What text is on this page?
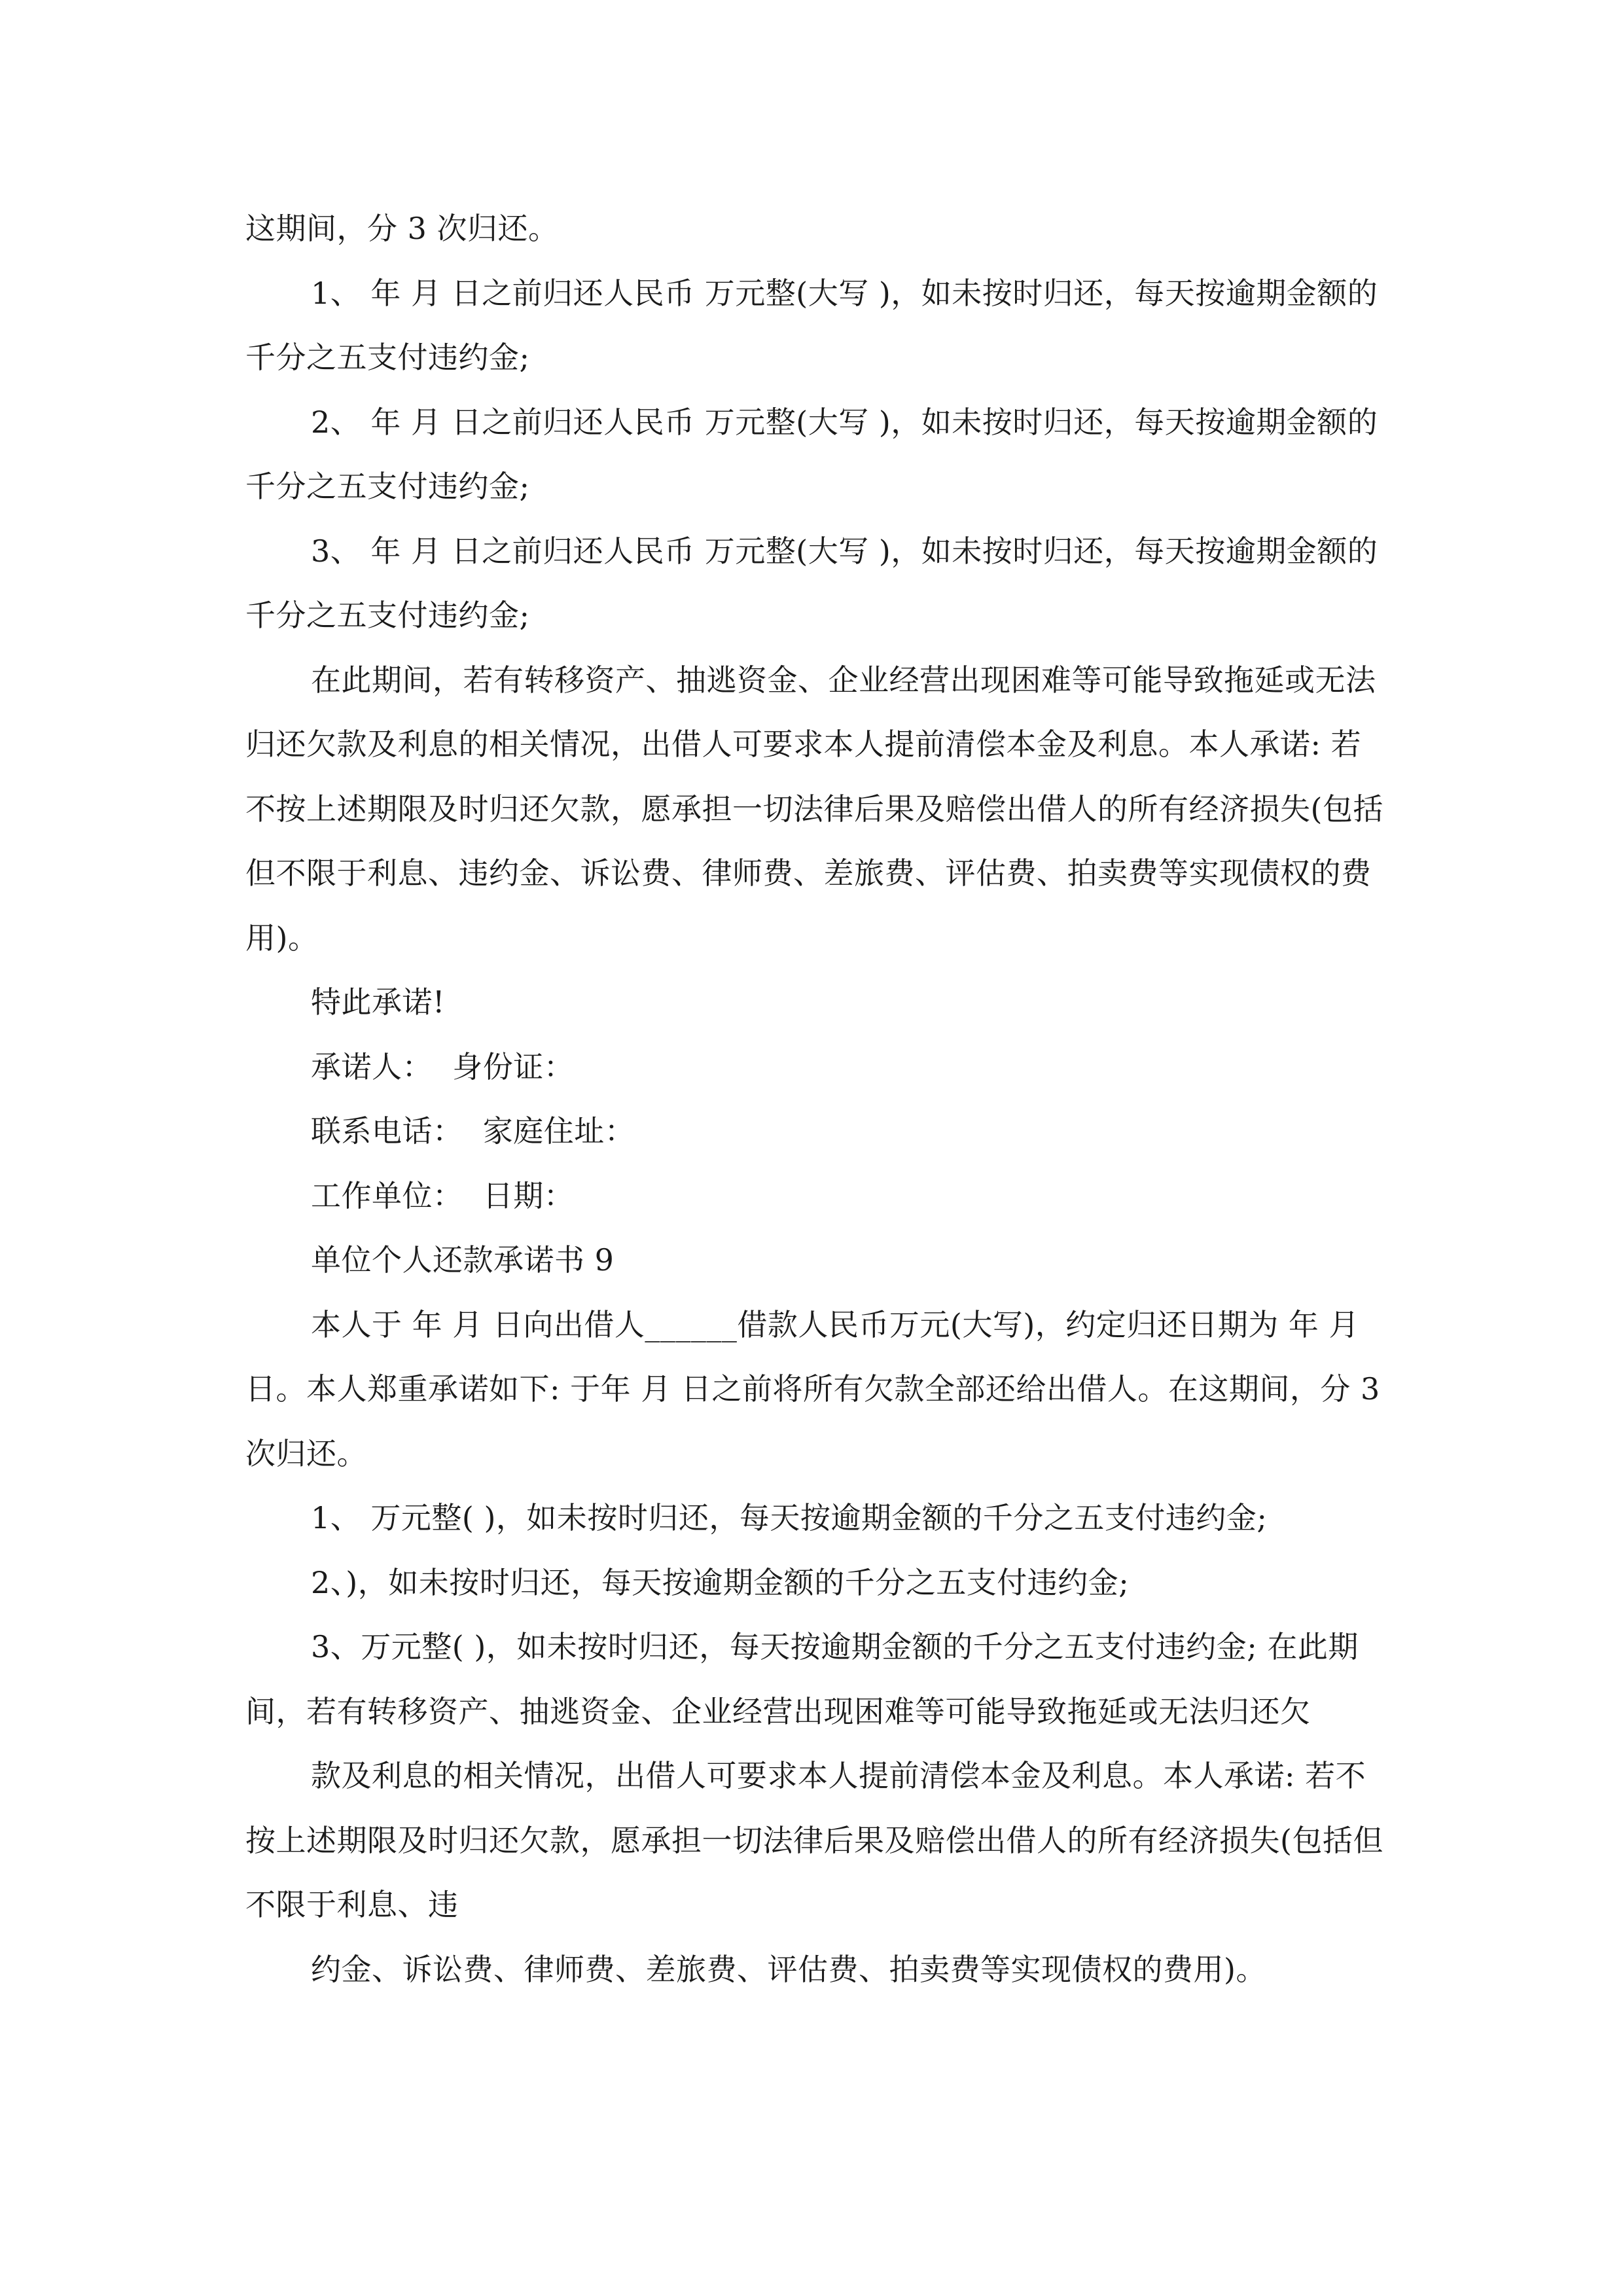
这期间，分 3 次归还。

1、 年 月 日之前归还人民币 万元整(大写 )，如未按时归还，每天按逾期金额的千分之五支付违约金;

2、 年 月 日之前归还人民币 万元整(大写 )，如未按时归还，每天按逾期金额的千分之五支付违约金;

3、 年 月 日之前归还人民币 万元整(大写 )，如未按时归还，每天按逾期金额的千分之五支付违约金;

在此期间，若有转移资产、抽逃资金、企业经营出现困难等可能导致拖延或无法归还欠款及利息的相关情况，出借人可要求本人提前清偿本金及利息。本人承诺: 若不按上述期限及时归还欠款，愿承担一切法律后果及赔偿出借人的所有经济损失(包括但不限于利息、违约金、诉讼费、律师费、差旅费、评估费、拍卖费等实现债权的费用)。

特此承诺!

承诺人：  身份证：

联系电话：  家庭住址：

工作单位：  日期：

单位个人还款承诺书 9

本人于 年 月 日向出借人______借款人民币万元(大写)，约定归还日期为 年 月 日。本人郑重承诺如下: 于年 月 日之前将所有欠款全部还给出借人。在这期间，分 3 次归还。

1、 万元整( )，如未按时归还，每天按逾期金额的千分之五支付违约金;

2、)，如未按时归还，每天按逾期金额的千分之五支付违约金;

3、万元整( )，如未按时归还，每天按逾期金额的千分之五支付违约金; 在此期间，若有转移资产、抽逃资金、企业经营出现困难等可能导致拖延或无法归还欠

款及利息的相关情况，出借人可要求本人提前清偿本金及利息。本人承诺: 若不按上述期限及时归还欠款，愿承担一切法律后果及赔偿出借人的所有经济损失(包括但不限于利息、违

约金、诉讼费、律师费、差旅费、评估费、拍卖费等实现债权的费用)。
